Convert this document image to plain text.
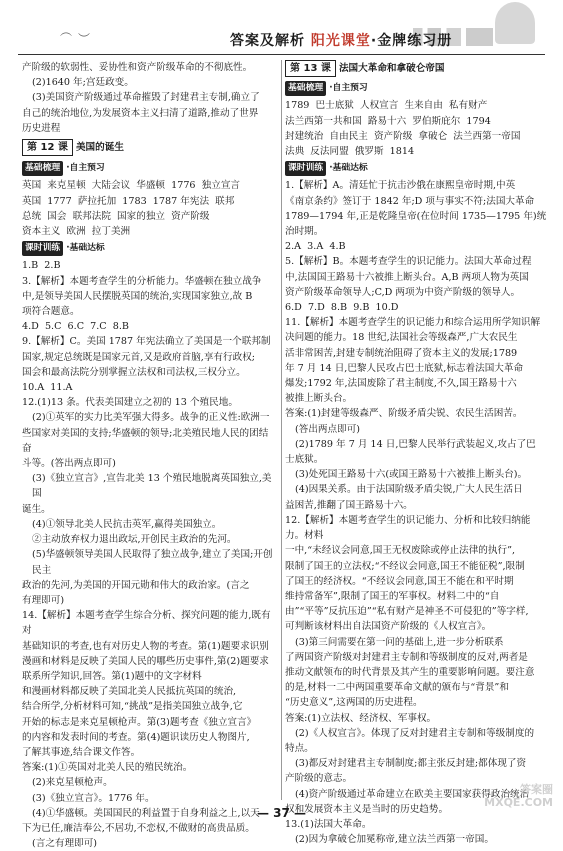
︵
︶	答案及解析 阳光课堂·金牌练习册
产阶级的软弱性、妥协性和资产阶级革命的不彻底性。
(2)1640 年;宫廷政变。
(3)美国资产阶级通过革命摧毁了封建君主专制,确立了
自己的统治地位,为发展资本主义扫清了道路,推动了世界
历史进程
第 12 课 美国的诞生
基础梳理 ·自主预习
英国  来克星顿  大陆会议  华盛顿  1776  独立宣言
英国  1777  萨拉托加  1783  1787 年宪法  联邦
总统  国会  联邦法院  国家的独立  资产阶级
资本主义  欧洲  拉丁美洲
课时训练 ·基础达标
1.B  2.B
3.【解析】本题考查学生的分析能力。华盛顿在独立战争
中,是领导美国人民摆脱英国的统治,实现国家独立,故 B
项符合题意。
4.D  5.C  6.C  7.C  8.B
9.【解析】C。美国 1787 年宪法确立了美国是一个联邦制
国家,规定总统既是国家元首,又是政府首脑,享有行政权;
国会和最高法院分别掌握立法权和司法权,三权分立。
10.A  11.A
12.(1)13 条。代表美国建立之初的 13 个殖民地。
(2)①英军的实力比美军强大得多。战争的正义性:欧洲一
些国家对美国的支持;华盛顿的领导;北美殖民地人民的团结奋
斗等。(答出两点即可)
(3)《独立宣言》,宣告北美 13 个殖民地脱离英国独立,美国
诞生。
(4)①领导北美人民抗击英军,赢得美国独立。
②主动放弃权力退出政坛,开创民主政治的先河。
(5)华盛顿领导美国人民取得了独立战争,建立了美国;开创民主
政治的先河,为美国的开国元勋和伟大的政治家。(言之
有理即可)
14.【解析】本题考查学生综合分析、探究问题的能力,既有对
基础知识的考查,也有对历史人物的考查。第(1)题要求识别
漫画和材料是反映了美国人民的哪些历史事件,第(2)题要求
联系所学知识,回答。第(1)题中的文字材料
和漫画材料都反映了美国北美人民抵抗英国的统治,
结合所学,分析材料可知,“挑战”是指美国独立战争,它
开始的标志是来克星顿枪声。第(3)题考查《独立宣言》
的内容和发表时间的考查。第(4)题识读历史人物图片,
了解其事迹,结合课文作答。
答案:(1)①英国对北美人民的殖民统治。
(2)来克星顿枪声。
(3)《独立宣言》。1776 年。
(4)①华盛顿。美国国民的利益置于自身利益之上,以天
下为已任,廉洁奉公,不居功,不恋权,不做财的高贵品质。
(言之有理即可)
第 13 课 法国大革命和拿破仑帝国
基础梳理 ·自主预习
1789  巴士底狱  人权宣言  生来自由  私有财产
法兰西第一共和国  路易十六  罗伯斯庇尔  1794
封建统治  自由民主  资产阶级  拿破仑  法兰西第一帝国
法典  反法同盟  俄罗斯  1814
课时训练 ·基础达标
1.【解析】A。清廷忙于抗击沙俄在康熙皇帝时期,中英
《南京条约》签订于 1842 年;D 项与事实不符;法国大革命
1789—1794 年,正是乾隆皇帝(在位时间 1735—1795 年)统
治时期。
2.A  3.A  4.B
5.【解析】B。本题考查学生的识记能力。法国大革命过程
中,法国国王路易十六被推上断头台。A,B 两项人物为英国
资产阶级革命领导人;C,D 两项为中资产阶级的领导人。
6.D  7.D  8.B  9.B  10.D
11.【解析】本题考查学生的识记能力和综合运用所学知识解
决问题的能力。18 世纪,法国社会等级森严,广大农民生
活非常困苦,封建专制统治阻碍了资本主义的发展;1789
年 7 月 14 日,巴黎人民攻占巴士底狱,标志着法国大革命
爆发;1792 年,法国废除了君主制度,不久,国王路易十六
被推上断头台。
答案:(1)封建等级森严、阶级矛盾尖锐、农民生活困苦。
(答出两点即可)
(2)1789 年 7 月 14 日,巴黎人民举行武装起义,攻占了巴
士底狱。
(3)处死国王路易十六(或国王路易十六被推上断头台)。
(4)因果关系。由于法国阶级矛盾尖锐,广大人民生活日
益困苦,推翻了国王路易十六。
12.【解析】本题考查学生的识记能力、分析和比较归纳能力。材料
一中,“未经议会同意,国王无权废除或停止法律的执行”,
限制了国王的立法权;“不经议会同意,国王不能征税”,限制
了国王的经济权。“不经议会同意,国王不能在和平时期
维持常备军”,限制了国王的军事权。材料二中的“自
由”“平等”反抗压迫”“私有财产是神圣不可侵犯的”等字样,
可判断该材料出自法国资产阶级的《人权宣言》。
(3)第三问需要在第一问的基础上,进一步分析联系
了两国资产阶级对封建君主专制和等级制度的反对,两者是
推动文献领布的时代背景及其产生的重要影响问题。要注意
的是,材料一二中两国重要革命文献的颁布与“背景”和
“历史意义”,这两国的历史进程。
答案:(1)立法权、经济权、军事权。
(2)《人权宣言》。体现了反对封建君主专制和等级制度的
特点。
(3)都反对封建君主专制制度;都主张反封建;都体现了资
产阶级的意志。
(4)资产阶级通过革命建立在欧美主要国家获得政治统治
权和发展资本主义是当时的历史趋势。
13.(1)法国大革命。
(2)因为拿破仑加冕称帝,建立法兰西第一帝国。
— 37 —
答案圈
MXQE.COM
